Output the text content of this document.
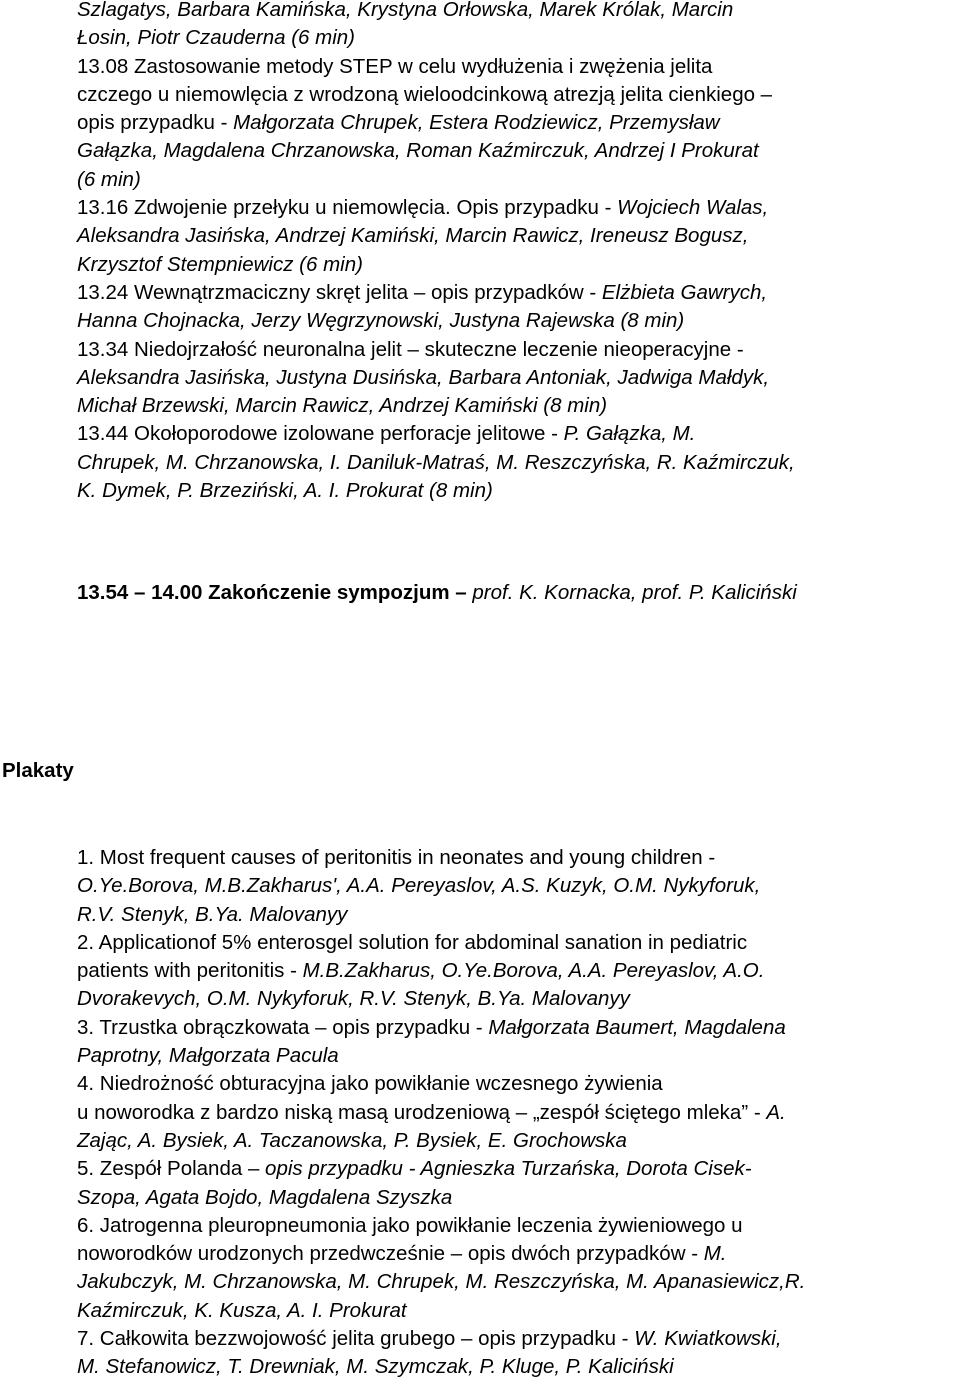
Szlagatys, Barbara Kamińska, Krystyna Orłowska, Marek Królak, Marcin
Łosin, Piotr Czauderna (6 min)

13.08 Zastosowanie metody STEP w celu wydłużenia i zwężenia jelita
czczego u niemowlęcia z wrodzoną wieloodcinkową atrezją jelita cienkiego –
opis przypadku - Małgorzata Chrupek, Estera Rodziewicz, Przemysław
Gałązka, Magdalena Chrzanowska, Roman Kaźmirczuk, Andrzej I Prokurat
(6 min)

13.16 Zdwojenie przełyku u niemowlęcia. Opis przypadku - Wojciech Walas,
Aleksandra Jasińska, Andrzej Kamiński, Marcin Rawicz, Ireneusz Bogusz,
Krzysztof Stempniewicz (6 min)

13.24 Wewnątrzmaciczny skręt jelita – opis przypadków - Elżbieta Gawrych,
Hanna Chojnacka, Jerzy Węgrzynowski, Justyna Rajewska (8 min)

13.34 Niedojrzałość neuronalna jelit – skuteczne leczenie nieoperacyjne -
Aleksandra Jasińska, Justyna Dusińska, Barbara Antoniak, Jadwiga Małdyk,
Michał Brzewski, Marcin Rawicz, Andrzej Kamiński (8 min)

13.44 Okołoporodowe izolowane perforacje jelitowe - P. Gałązka, M.
Chrupek, M. Chrzanowska, I. Daniluk-Matraś, M. Reszczyńska, R. Kaźmirczuk,
K. Dymek, P. Brzeziński, A. I. Prokurat (8 min)

13.54 – 14.00 Zakończenie sympozjum – prof. K. Kornacka, prof. P. Kaliciński

Plakaty

1. Most frequent causes of peritonitis in neonates and young children -
O.Ye.Borova, M.B.Zakharus', A.A. Pereyaslov, A.S. Kuzyk, O.M. Nykyforuk,
R.V. Stenyk, B.Ya. Malovanyy

2. Applicationof 5% enterosgel solution for abdominal sanation in pediatric
patients with peritonitis - M.B.Zakharus, O.Ye.Borova, A.A. Pereyaslov, A.O.
Dvorakevych, O.M. Nykyforuk, R.V. Stenyk, B.Ya. Malovanyy

3. Trzustka obrączkowata – opis przypadku - Małgorzata Baumert, Magdalena
Paprotny, Małgorzata Pacula

4. Niedrożność obturacyjna jako powikłanie wczesnego żywienia
u noworodka z bardzo niską masą urodzeniową – „zespół ściętego mleka” - A.
Zając, A. Bysiek, A. Taczanowska, P. Bysiek, E. Grochowska

5. Zespół Polanda – opis przypadku - Agnieszka Turzańska, Dorota Cisek-
Szopa, Agata Bojdo, Magdalena Szyszka

6. Jatrogenna pleuropneumonia jako powikłanie leczenia żywieniowego u
noworodków urodzonych przedwcześnie – opis dwóch przypadków - M.
Jakubczyk, M. Chrzanowska, M. Chrupek, M. Reszczyńska, M. Apanasiewicz,R.
Kaźmirczuk, K. Kusza, A. I. Prokurat

7. Całkowita bezzwojowość jelita grubego – opis przypadku - W. Kwiatkowski,
M. Stefanowicz, T. Drewniak, M. Szymczak, P. Kluge, P. Kaliciński
